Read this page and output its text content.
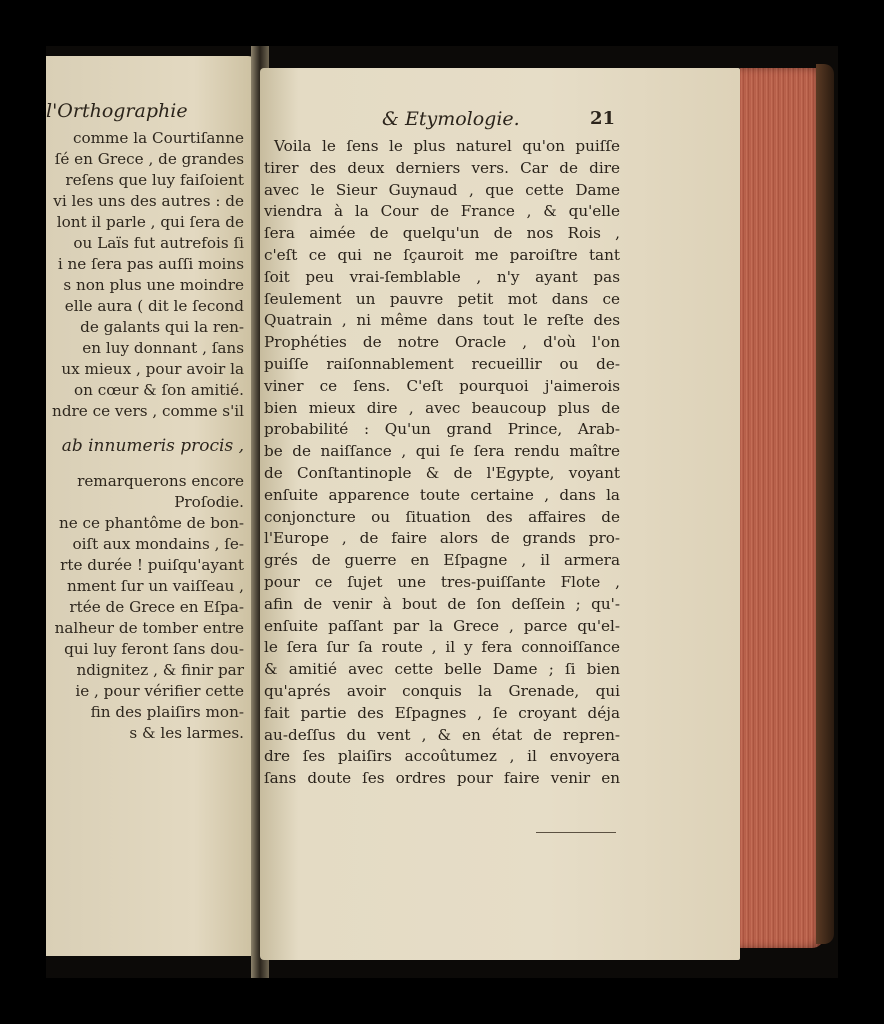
l'Orthographie
comme la Courtiſanne
ſé en Grece , de grandes
reſens que luy faiſoient
vi les uns des autres : de
lont il parle , qui ſera de
ou Laïs fut autrefois ſi
i ne ſera pas auſſi moins
s non plus une moindre
elle aura ( dit le ſecond
de galants qui la ren-
en luy donnant , ſans
ux mieux , pour avoir la
on cœur & ſon amitié.
ndre ce vers , comme s'il
ab innumeris procis ,
remarquerons encore
Proſodie.
ne ce phantôme de bon-
oiſt aux mondains , ſe-
rte durée ! puiſqu'ayant
nment ſur un vaiſſeau ,
rtée de Grece en Eſpa-
nalheur de tomber entre
qui luy feront ſans dou-
ndignitez , & finir par
ie , pour vérifier cette
fin des plaiſirs mon-
s & les larmes.
& Etymologie.	21
Voila le ſens le plus naturel qu'on puiſſe
tirer des deux derniers vers. Car de dire
avec le Sieur Guynaud , que cette Dame
viendra à la Cour de France , & qu'elle
ſera aimée de quelqu'un de nos Rois ,
c'eſt ce qui ne ſçauroit me paroiſtre tant
ſoit peu vrai-ſemblable , n'y ayant pas
ſeulement un pauvre petit mot dans ce
Quatrain , ni même dans tout le reſte des
Prophéties de notre Oracle , d'où l'on
puiſſe raiſonnablement recueillir ou de-
viner ce ſens. C'eſt pourquoi j'aimerois
bien mieux dire , avec beaucoup plus de
probabilité : Qu'un grand Prince, Arab-
be de naiſſance , qui ſe ſera rendu maître
de Conſtantinople & de l'Egypte, voyant
enſuite apparence toute certaine , dans la
conjoncture ou ſituation des affaires de
l'Europe , de faire alors de grands pro-
grés de guerre en Eſpagne , il armera
pour ce ſujet une tres-puiſſante Flote ,
afin de venir à bout de ſon deſſein ; qu'-
enſuite paſſant par la Grece , parce qu'el-
le ſera ſur ſa route , il y fera connoiſſance
& amitié avec cette belle Dame ; ſi bien
qu'aprés avoir conquis la Grenade, qui
fait partie des Eſpagnes , ſe croyant déja
au-deſſus du vent , & en état de repren-
dre ſes plaiſirs accoûtumez , il envoyera
ſans doute ſes ordres pour faire venir en
